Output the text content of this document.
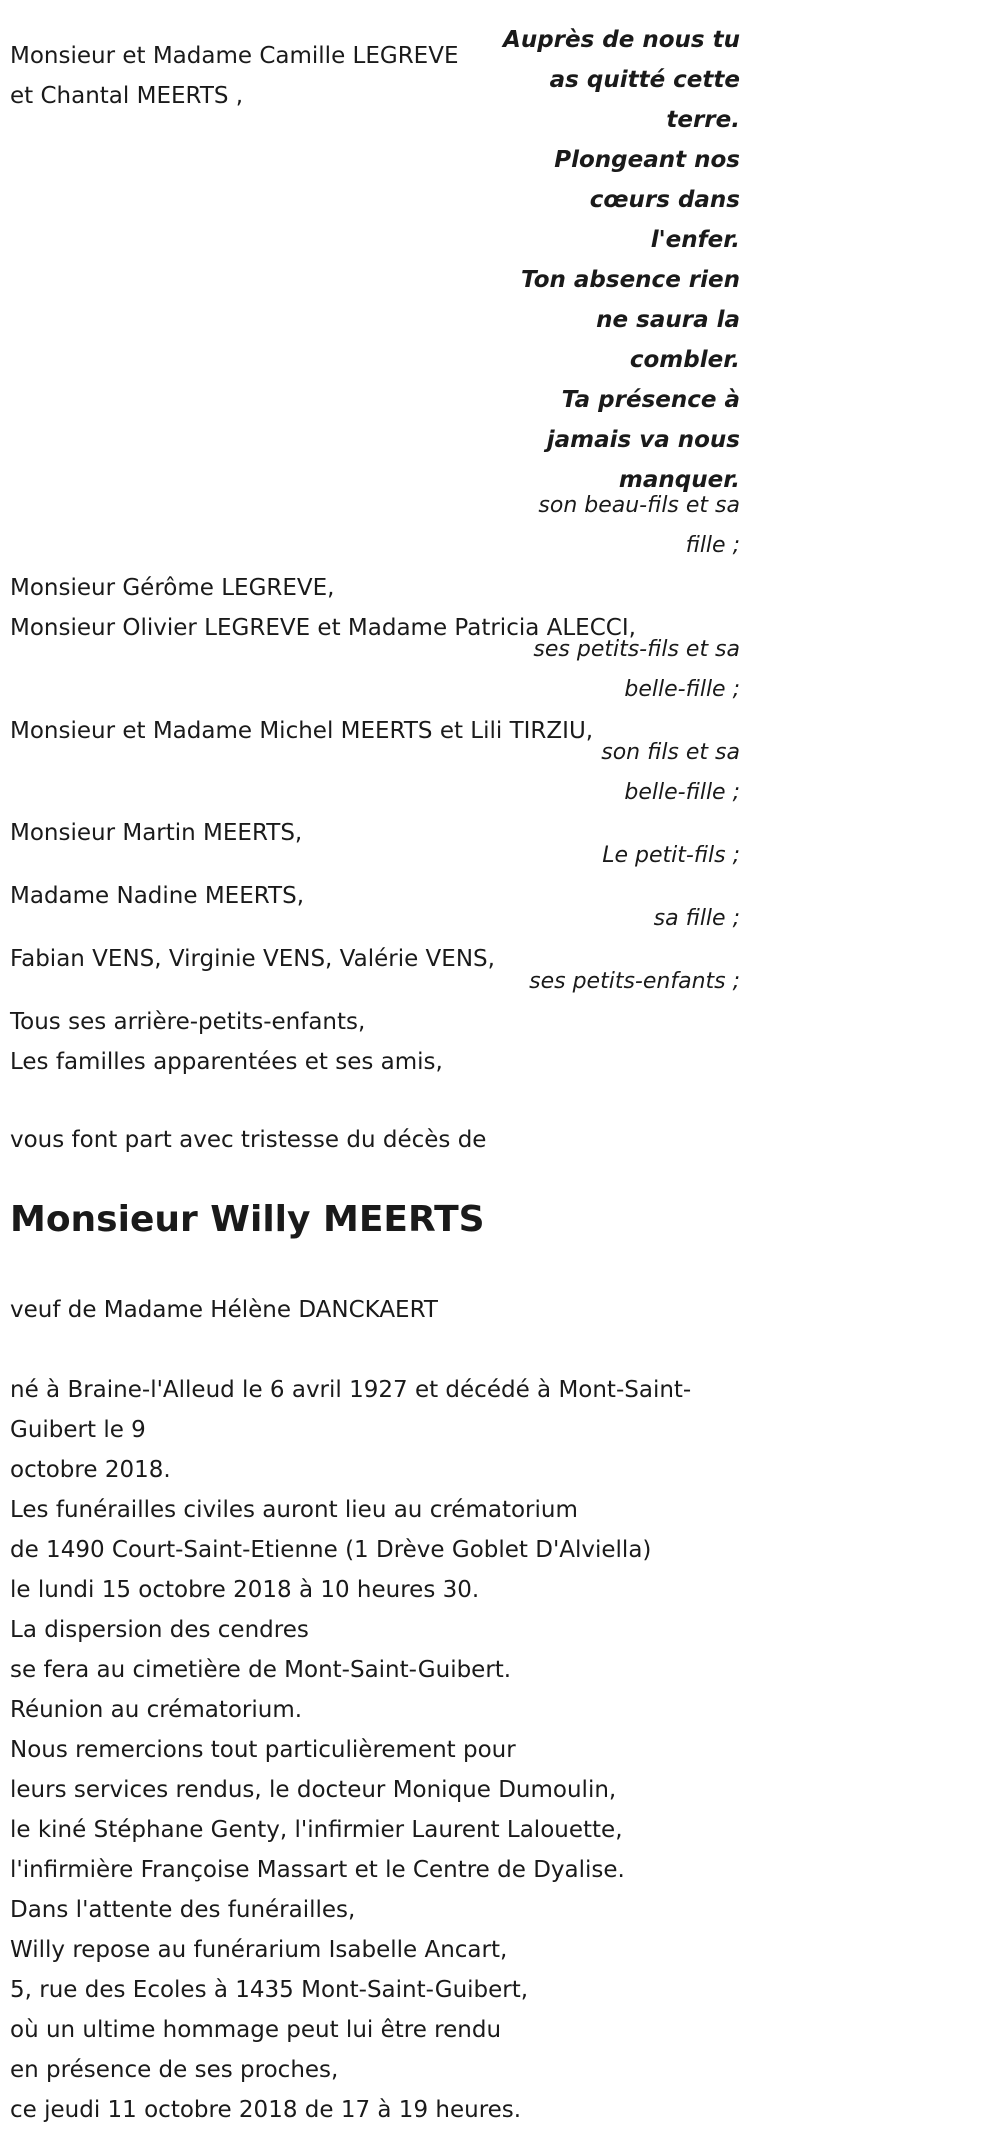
Monsieur et Madame Camille LEGREVE
et Chantal MEERTS ,
Auprès de nous tu
as quitté cette
terre.
Plongeant nos
cœurs dans
l'enfer.
Ton absence rien
ne saura la
combler.
Ta présence à
jamais va nous
manquer.
son beau-fils et sa
fille ;
Monsieur Gérôme LEGREVE,
Monsieur Olivier LEGREVE et Madame Patricia ALECCI,
ses petits-fils et sa
belle-fille ;
Monsieur et Madame Michel MEERTS et Lili TIRZIU,
son fils et sa
belle-fille ;
Monsieur Martin MEERTS,
Le petit-fils ;
Madame Nadine MEERTS,
sa fille ;
Fabian VENS, Virginie VENS, Valérie VENS,
ses petits-enfants ;
Tous ses arrière-petits-enfants,
Les familles apparentées et ses amis,
vous font part avec tristesse du décès de
Monsieur Willy MEERTS
veuf de Madame Hélène DANCKAERT
né à Braine-l'Alleud le 6 avril 1927 et décédé à Mont-Saint-Guibert le 9
octobre 2018.
Les funérailles civiles auront lieu au crématorium
de 1490 Court-Saint-Etienne (1 Drève Goblet D'Alviella)
le lundi 15 octobre 2018 à 10 heures 30.
La dispersion des cendres
se fera au cimetière de Mont-Saint-Guibert.
Réunion au crématorium.
Nous remercions tout particulièrement pour
leurs services rendus, le docteur Monique Dumoulin,
le kiné Stéphane Genty, l'infirmier Laurent Lalouette,
l'infirmière Françoise Massart et le Centre de Dyalise.
Dans l'attente des funérailles,
Willy repose au funérarium Isabelle Ancart,
5, rue des Ecoles à 1435 Mont-Saint-Guibert,
où un ultime hommage peut lui être rendu
en présence de ses proches,
ce jeudi 11 octobre 2018 de 17 à 19 heures.
